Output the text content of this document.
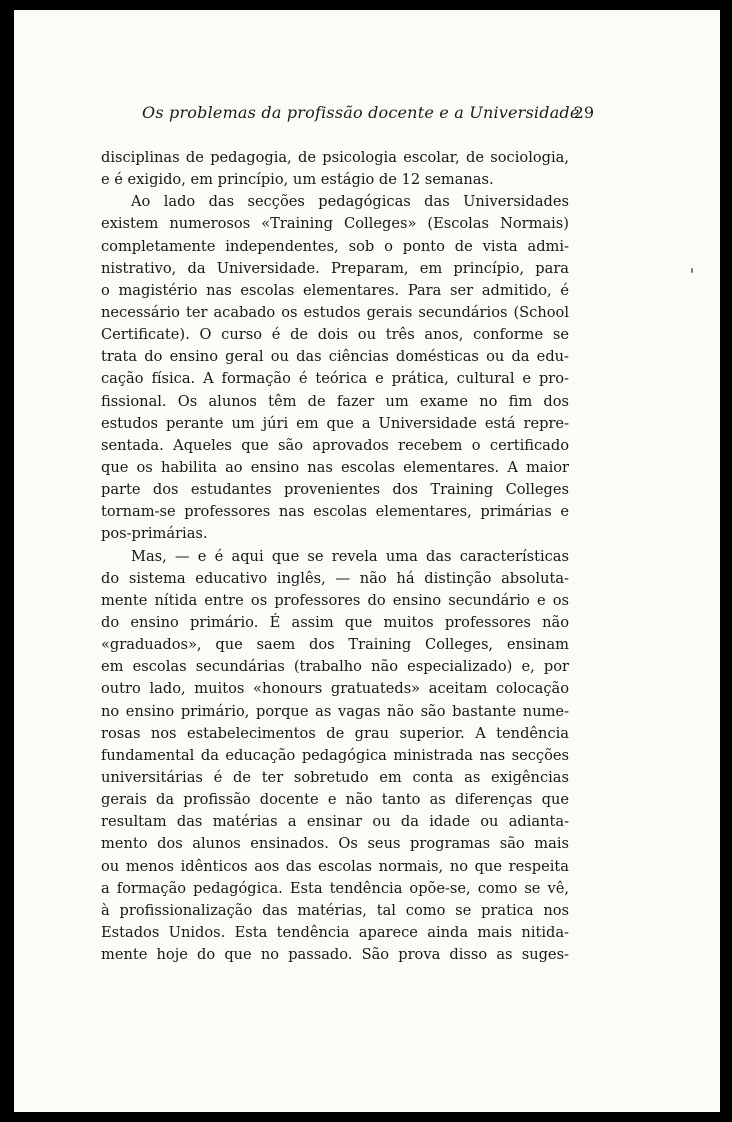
Os problemas da profissão docente e a Universidade
29
disciplinas de pedagogia, de psicologia escolar, de sociologia,
e é exigido, em princípio, um estágio de 12 semanas.
Ao lado das secções pedagógicas das Universidades
existem numerosos «Training Colleges» (Escolas Normais)
completamente independentes, sob o ponto de vista admi-
nistrativo, da Universidade. Preparam, em princípio, para
o magistério nas escolas elementares. Para ser admitido, é
necessário ter acabado os estudos gerais secundários (School
Certificate). O curso é de dois ou três anos, conforme se
trata do ensino geral ou das ciências domésticas ou da edu-
cação física. A formação é teórica e prática, cultural e pro-
fissional. Os alunos têm de fazer um exame no fim dos
estudos perante um júri em que a Universidade está repre-
sentada. Aqueles que são aprovados recebem o certificado
que os habilita ao ensino nas escolas elementares. A maior
parte dos estudantes provenientes dos Training Colleges
tornam-se professores nas escolas elementares, primárias e
pos-primárias.
Mas, — e é aqui que se revela uma das características
do sistema educativo inglês, — não há distinção absoluta-
mente nítida entre os professores do ensino secundário e os
do ensino primário. É assim que muitos professores não
«graduados», que saem dos Training Colleges, ensinam
em escolas secundárias (trabalho não especializado) e, por
outro lado, muitos «honours gratuateds» aceitam colocação
no ensino primário, porque as vagas não são bastante nume-
rosas nos estabelecimentos de grau superior. A tendência
fundamental da educação pedagógica ministrada nas secções
universitárias é de ter sobretudo em conta as exigências
gerais da profissão docente e não tanto as diferenças que
resultam das matérias a ensinar ou da idade ou adianta-
mento dos alunos ensinados. Os seus programas são mais
ou menos idênticos aos das escolas normais, no que respeita
a formação pedagógica. Esta tendência opõe-se, como se vê,
à profissionalização das matérias, tal como se pratica nos
Estados Unidos. Esta tendência aparece ainda mais nitida-
mente hoje do que no passado. São prova disso as suges-
